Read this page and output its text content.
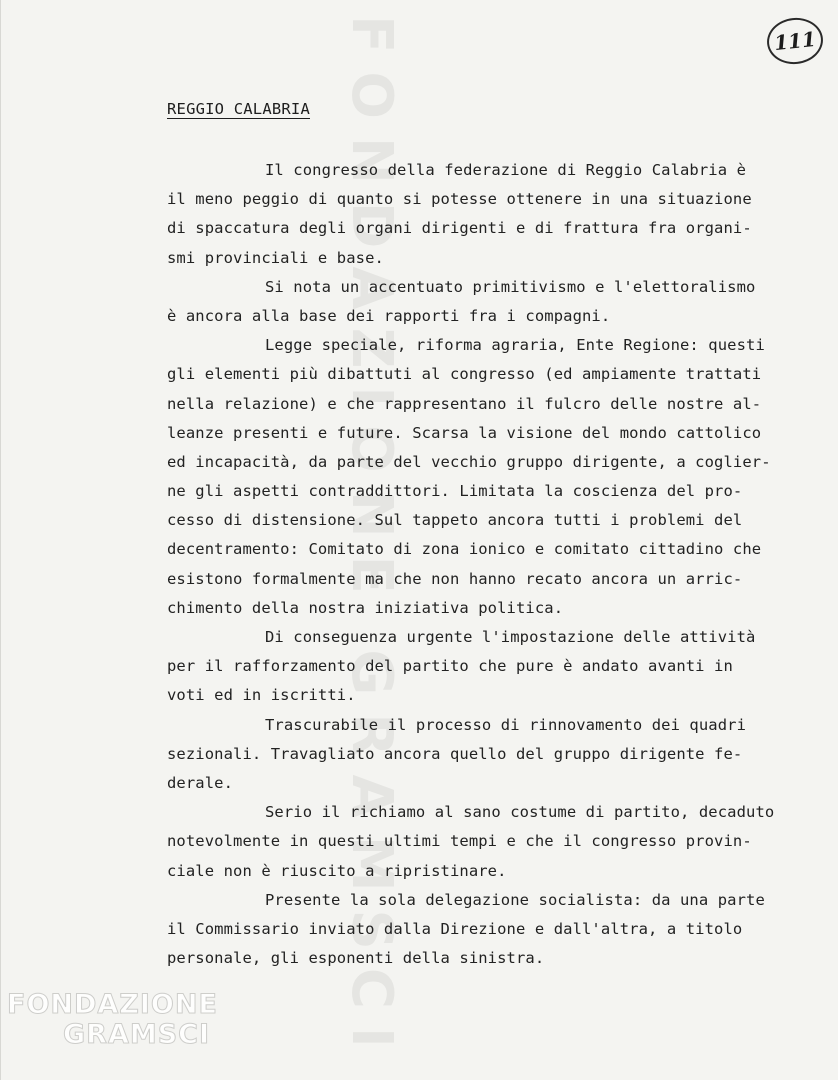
FONDAZIONE GRAMSCI	111
REGGIO CALABRIA
Il congresso della federazione di Reggio Calabria è
il meno peggio di quanto si potesse ottenere in una situazione
di spaccatura degli organi dirigenti e di frattura fra organi-
smi provinciali e base.
Si nota un accentuato primitivismo e l'elettoralismo
è ancora alla base dei rapporti fra i compagni.
Legge speciale, riforma agraria, Ente Regione: questi
gli elementi più dibattuti al congresso (ed ampiamente trattati
nella relazione) e che rappresentano il fulcro delle nostre al-
leanze presenti e future. Scarsa la visione del mondo cattolico
ed incapacità, da parte del vecchio gruppo dirigente, a coglier-
ne gli aspetti contraddittori. Limitata la coscienza del pro-
cesso di distensione. Sul tappeto ancora tutti i problemi del
decentramento: Comitato di zona ionico e comitato cittadino che
esistono formalmente ma che non hanno recato ancora un arric-
chimento della nostra iniziativa politica.
Di conseguenza urgente l'impostazione delle attività
per il rafforzamento del partito che pure è andato avanti in
voti ed in iscritti.
Trascurabile il processo di rinnovamento dei quadri
sezionali. Travagliato ancora quello del gruppo dirigente fe-
derale.
Serio il richiamo al sano costume di partito, decaduto
notevolmente in questi ultimi tempi e che il congresso provin-
ciale non è riuscito a ripristinare.
Presente la sola delegazione socialista: da una parte
il Commissario inviato dalla Direzione e dall'altra, a titolo
personale, gli esponenti della sinistra.
FONDAZIONE
GRAMSCI
